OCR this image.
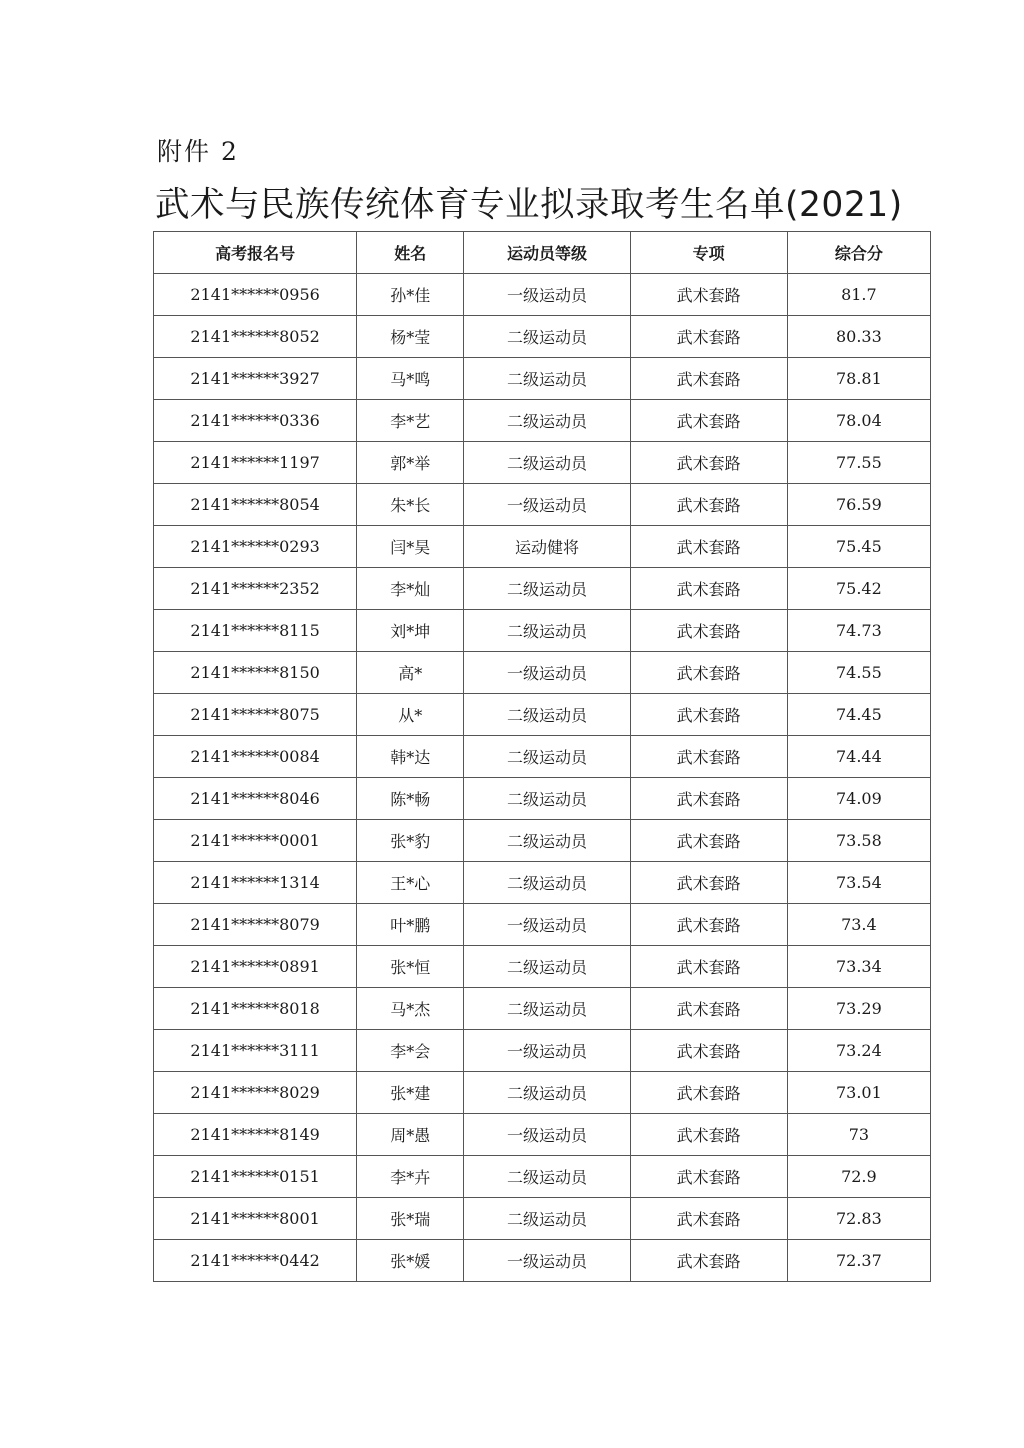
附件 2
武术与民族传统体育专业拟录取考生名单(2021)
高考报名号	姓名	运动员等级	专项	综合分
2141******0956	孙*佳	一级运动员	武术套路	81.7
2141******8052	杨*莹	二级运动员	武术套路	80.33
2141******3927	马*鸣	二级运动员	武术套路	78.81
2141******0336	李*艺	二级运动员	武术套路	78.04
2141******1197	郭*举	二级运动员	武术套路	77.55
2141******8054	朱*长	一级运动员	武术套路	76.59
2141******0293	闫*昊	运动健将	武术套路	75.45
2141******2352	李*灿	二级运动员	武术套路	75.42
2141******8115	刘*坤	二级运动员	武术套路	74.73
2141******8150	高*	一级运动员	武术套路	74.55
2141******8075	从*	二级运动员	武术套路	74.45
2141******0084	韩*达	二级运动员	武术套路	74.44
2141******8046	陈*畅	二级运动员	武术套路	74.09
2141******0001	张*豹	二级运动员	武术套路	73.58
2141******1314	王*心	二级运动员	武术套路	73.54
2141******8079	叶*鹏	一级运动员	武术套路	73.4
2141******0891	张*恒	二级运动员	武术套路	73.34
2141******8018	马*杰	二级运动员	武术套路	73.29
2141******3111	李*会	一级运动员	武术套路	73.24
2141******8029	张*建	二级运动员	武术套路	73.01
2141******8149	周*愚	一级运动员	武术套路	73
2141******0151	李*卉	二级运动员	武术套路	72.9
2141******8001	张*瑞	二级运动员	武术套路	72.83
2141******0442	张*媛	一级运动员	武术套路	72.37
